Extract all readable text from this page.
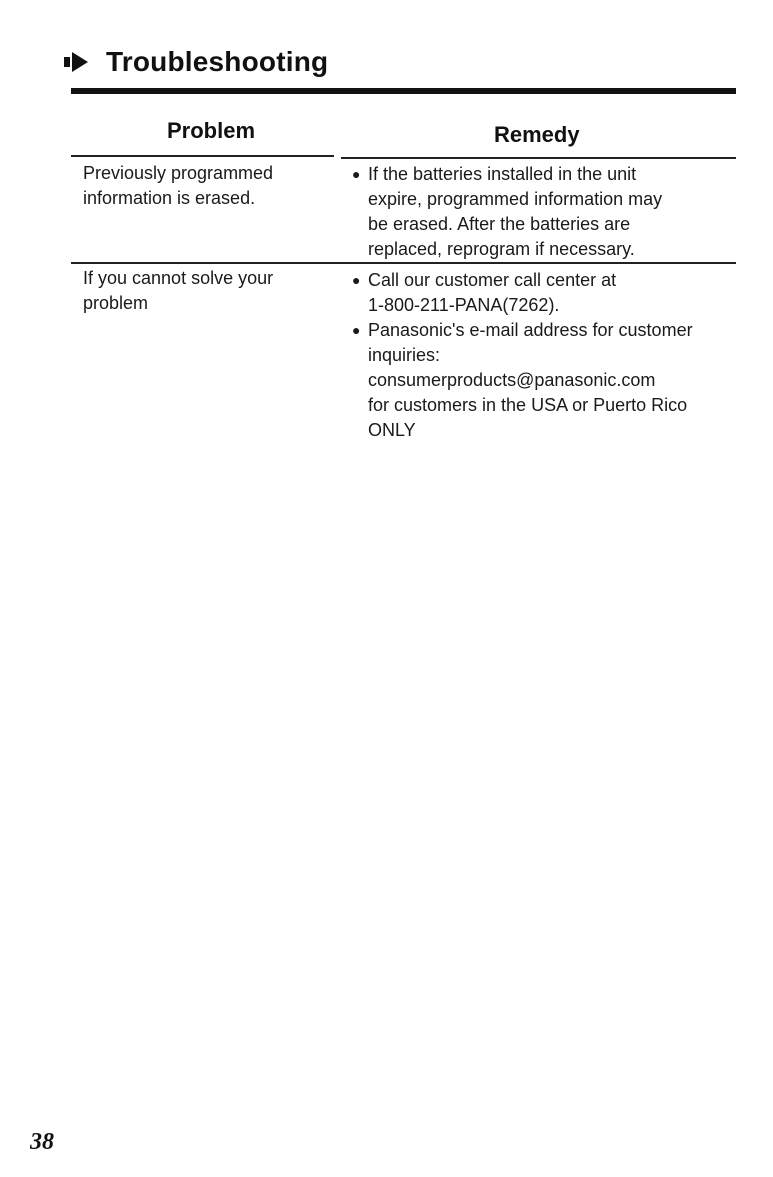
Troubleshooting
Problem	Remedy
Previously programmed
information is erased.
● If the batteries installed in the unit
expire, programmed information may
be erased. After the batteries are
replaced, reprogram if necessary.
If you cannot solve your
problem
● Call our customer call center at
1-800-211-PANA(7262).
● Panasonic's e-mail address for customer
inquiries:
consumerproducts@panasonic.com
for customers in the USA or Puerto Rico
ONLY
38
